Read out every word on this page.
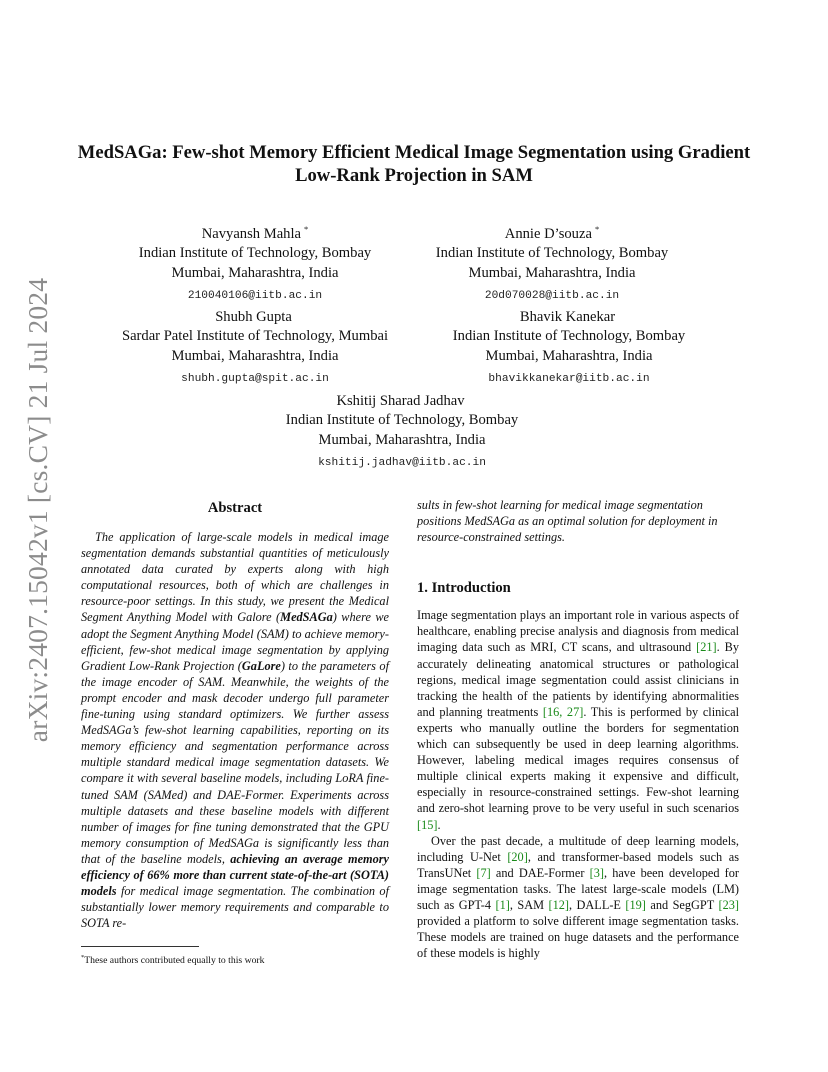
arXiv:2407.15042v1 [cs.CV] 21 Jul 2024
MedSAGa: Few-shot Memory Efficient Medical Image Segmentation using Gradient Low-Rank Projection in SAM
Navyansh Mahla *
Indian Institute of Technology, Bombay
Mumbai, Maharashtra, India
210040106@iitb.ac.in
Annie D’souza *
Indian Institute of Technology, Bombay
Mumbai, Maharashtra, India
20d070028@iitb.ac.in
Shubh Gupta
Sardar Patel Institute of Technology, Mumbai
Mumbai, Maharashtra, India
shubh.gupta@spit.ac.in
Bhavik Kanekar
Indian Institute of Technology, Bombay
Mumbai, Maharashtra, India
bhavikkanekar@iitb.ac.in
Kshitij Sharad Jadhav
Indian Institute of Technology, Bombay
Mumbai, Maharashtra, India
kshitij.jadhav@iitb.ac.in
Abstract

The application of large-scale models in medical image segmentation demands substantial quantities of meticulously annotated data curated by experts along with high computational resources, both of which are challenges in resource-poor settings. In this study, we present the Medical Segment Anything Model with Galore (MedSAGa) where we adopt the Segment Anything Model (SAM) to achieve memory-efficient, few-shot medical image segmentation by applying Gradient Low-Rank Projection (GaLore) to the parameters of the image encoder of SAM. Meanwhile, the weights of the prompt encoder and mask decoder undergo full parameter fine-tuning using standard optimizers. We further assess MedSAGa’s few-shot learning capabilities, reporting on its memory efficiency and segmentation performance across multiple standard medical image segmentation datasets. We compare it with several baseline models, including LoRA fine-tuned SAM (SAMed) and DAE-Former. Experiments across multiple datasets and these baseline models with different number of images for fine tuning demonstrated that the GPU memory consumption of MedSAGa is significantly less than that of the baseline models, achieving an average memory efficiency of 66% more than current state-of-the-art (SOTA) models for medical image segmentation. The combination of substantially lower memory requirements and comparable to SOTA re-

*These authors contributed equally to this work

sults in few-shot learning for medical image segmentation positions MedSAGa as an optimal solution for deployment in resource-constrained settings.

1. Introduction

Image segmentation plays an important role in various aspects of healthcare, enabling precise analysis and diagnosis from medical imaging data such as MRI, CT scans, and ultrasound [21]. By accurately delineating anatomical structures or pathological regions, medical image segmentation could assist clinicians in tracking the health of the patients by identifying abnormalities and planning treatments [16, 27]. This is performed by clinical experts who manually outline the borders for segmentation which can subsequently be used in deep learning algorithms. However, labeling medical images requires consensus of multiple clinical experts making it expensive and difficult, especially in resource-constrained settings. Few-shot learning and zero-shot learning prove to be very useful in such scenarios [15].

Over the past decade, a multitude of deep learning models, including U-Net [20], and transformer-based models such as TransUNet [7] and DAE-Former [3], have been developed for image segmentation tasks. The latest large-scale models (LM) such as GPT-4 [1], SAM [12], DALL-E [19] and SegGPT [23] provided a platform to solve different image segmentation tasks. These models are trained on huge datasets and the performance of these models is highly
